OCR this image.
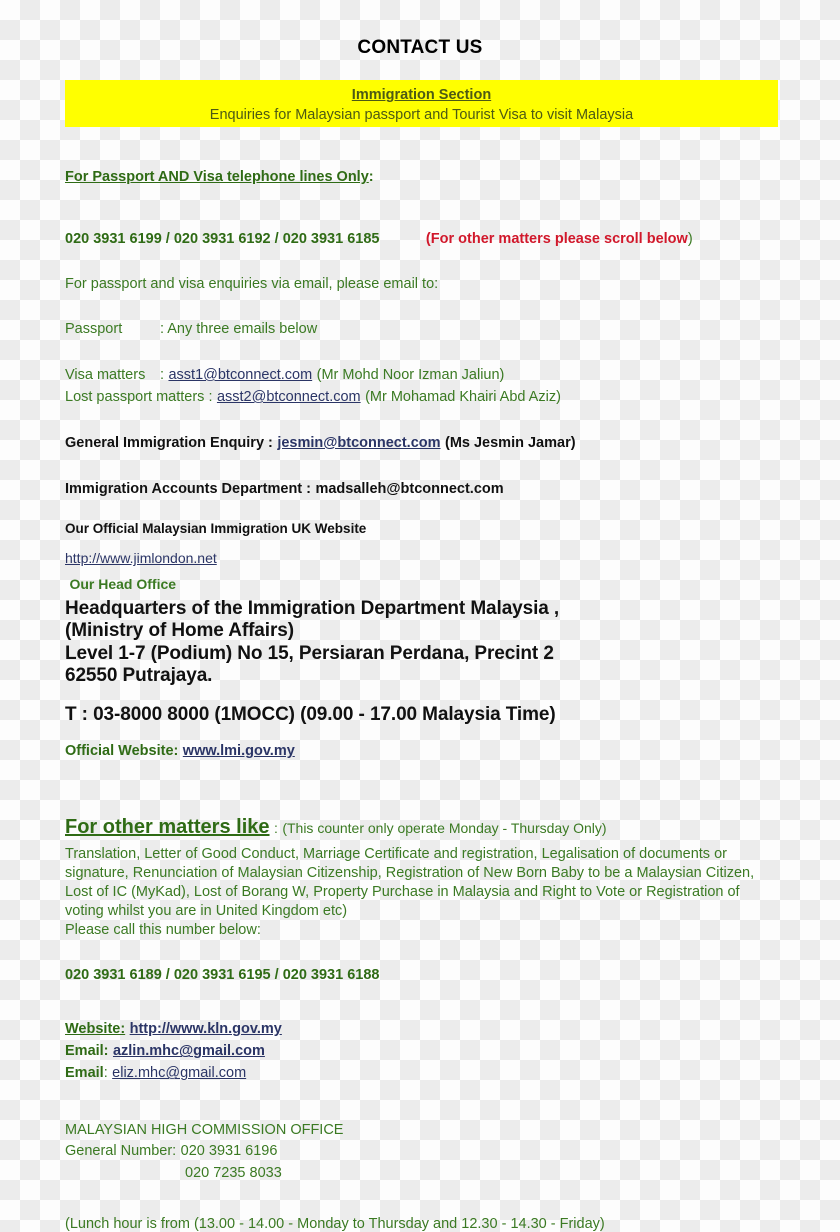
CONTACT US
Immigration Section
Enquiries for Malaysian passport and Tourist Visa to visit Malaysia
For Passport AND Visa telephone lines Only:
020 3931 6199 / 020 3931 6192 / 020 3931 6185	(For other matters please scroll below)
For passport and visa enquiries via email, please email to:
Passport	: Any three emails below
Visa matters : asst1@btconnect.com (Mr Mohd Noor Izman Jaliun)
Lost passport matters : asst2@btconnect.com (Mr Mohamad Khairi Abd Aziz)
General Immigration Enquiry : jesmin@btconnect.com (Ms Jesmin Jamar)
Immigration Accounts Department : madsalleh@btconnect.com
Our Official Malaysian Immigration UK Website
http://www.jimlondon.net
Our Head Office
Headquarters of the Immigration Department Malaysia ,
(Ministry of Home Affairs)
Level 1-7 (Podium) No 15, Persiaran Perdana, Precint 2
62550 Putrajaya.
T : 03-8000 8000 (1MOCC) (09.00 - 17.00 Malaysia Time)
Official Website: www.lmi.gov.my
For other matters like : (This counter only operate Monday - Thursday Only)
Translation, Letter of Good Conduct, Marriage Certificate and registration, Legalisation of documents or signature, Renunciation of Malaysian Citizenship, Registration of New Born Baby to be a Malaysian Citizen, Lost of IC (MyKad), Lost of Borang W, Property Purchase in Malaysia and Right to Vote or Registration of voting whilst you are in United Kingdom etc)
Please call this number below:
020 3931 6189 / 020 3931 6195 / 020 3931 6188
Website: http://www.kln.gov.my
Email: azlin.mhc@gmail.com
Email: eliz.mhc@gmail.com
MALAYSIAN HIGH COMMISSION OFFICE
General Number: 020 3931 6196
020 7235 8033
(Lunch hour is from (13.00 - 14.00 - Monday to Thursday and 12.30 - 14.30 - Friday)
